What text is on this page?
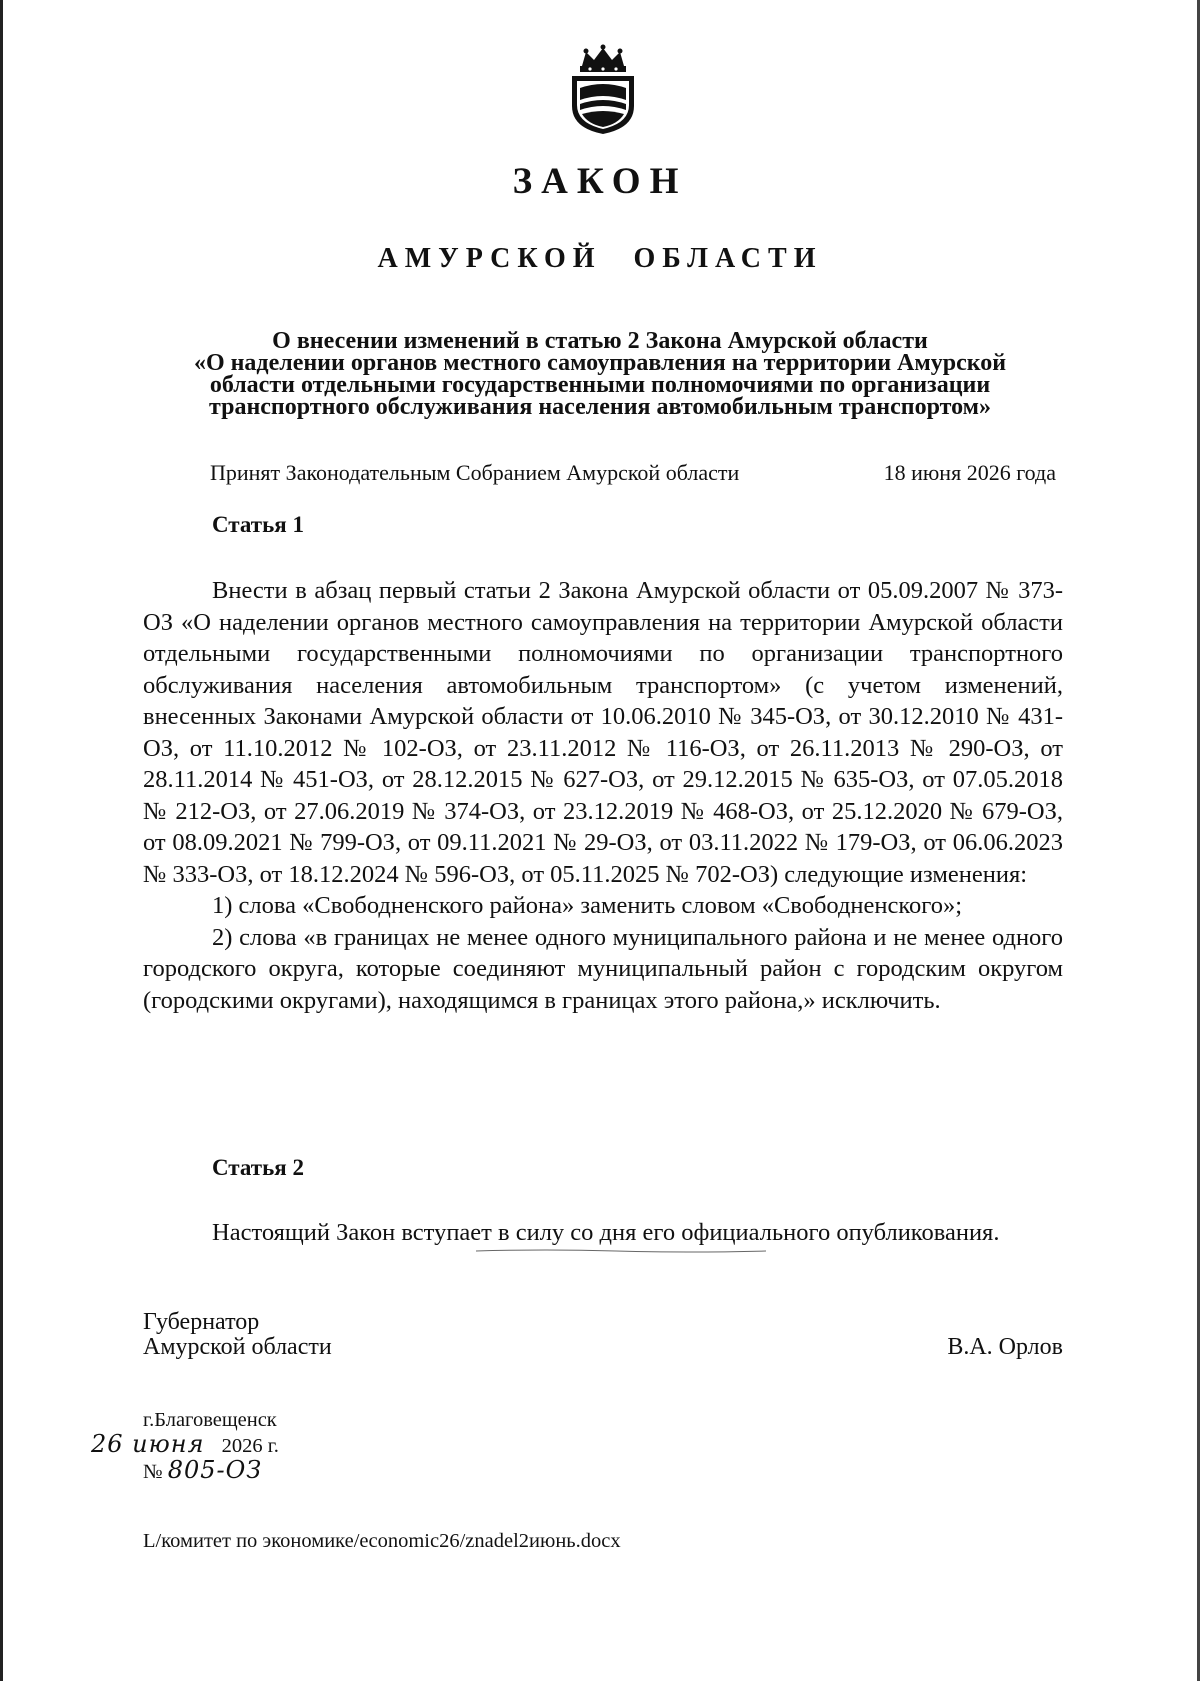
ЗАКОН
АМУРСКОЙ ОБЛАСТИ
О внесении изменений в статью 2 Закона Амурской области
«О наделении органов местного самоуправления на территории Амурской
области отдельными государственными полномочиями по организации
транспортного обслуживания населения автомобильным транспортом»
Принят Законодательным Собранием Амурской области	18 июня 2026 года
Статья 1

Внести в абзац первый статьи 2 Закона Амурской области от 05.09.2007 № 373-ОЗ «О наделении органов местного самоуправления на территории Амурской области отдельными государственными полномочиями по организации транспортного обслуживания населения автомобильным транспортом» (с учетом изменений, внесенных Законами Амурской области от 10.06.2010 № 345-ОЗ, от 30.12.2010 № 431-ОЗ, от 11.10.2012 № 102-ОЗ, от 23.11.2012 № 116-ОЗ, от 26.11.2013 № 290-ОЗ, от 28.11.2014 № 451-ОЗ, от 28.12.2015 № 627-ОЗ, от 29.12.2015 № 635-ОЗ, от 07.05.2018 № 212-ОЗ, от 27.06.2019 № 374-ОЗ, от 23.12.2019 № 468-ОЗ, от 25.12.2020 № 679-ОЗ, от 08.09.2021 № 799-ОЗ, от 09.11.2021 № 29-ОЗ, от 03.11.2022 № 179-ОЗ, от 06.06.2023 № 333-ОЗ, от 18.12.2024 № 596-ОЗ, от 05.11.2025 № 702-ОЗ) следующие изменения:

1) слова «Свободненского района» заменить словом «Свободненского»;

2) слова «в границах не менее одного муниципального района и не менее одного городского округа, которые соединяют муниципальный район с городским округом (городскими округами), находящимся в границах этого района,» исключить.

Статья 2

Настоящий Закон вступает в силу со дня его официального опубликования.

Губернатор
Амурской области	В.А. Орлов
г.Благовещенск
26 июня 2026 г.
№ 805-ОЗ
L/комитет по экономике/economic26/znadel2июнь.docx
